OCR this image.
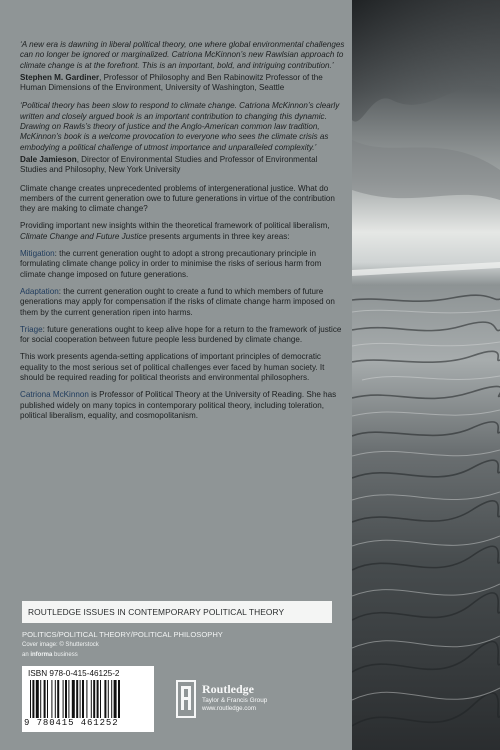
‘A new era is dawning in liberal political theory, one where global environmental challenges can no longer be ignored or marginalized. Catriona McKinnon’s new Rawlsian approach to climate change is at the forefront. This is an important, bold, and intriguing contribution.’

Stephen M. Gardiner, Professor of Philosophy and Ben Rabinowitz Professor of the Human Dimensions of the Environment, University of Washington, Seattle

‘Political theory has been slow to respond to climate change. Catriona McKinnon’s clearly written and closely argued book is an important contribution to changing this dynamic. Drawing on Rawls’s theory of justice and the Anglo-American common law tradition, McKinnon’s book is a welcome provocation to everyone who sees the climate crisis as embodying a political challenge of utmost importance and unparalleled complexity.’

Dale Jamieson, Director of Environmental Studies and Professor of Environmental Studies and Philosophy, New York University

Climate change creates unprecedented problems of intergenerational justice. What do members of the current generation owe to future generations in virtue of the contribution they are making to climate change?

Providing important new insights within the theoretical framework of political liberalism, Climate Change and Future Justice presents arguments in three key areas:

Mitigation: the current generation ought to adopt a strong precautionary principle in formulating climate change policy in order to minimise the risks of serious harm from climate change imposed on future generations.

Adaptation: the current generation ought to create a fund to which members of future generations may apply for compensation if the risks of climate change harm imposed on them by the current generation ripen into harms.

Triage: future generations ought to keep alive hope for a return to the framework of justice for social cooperation between future people less burdened by climate change.

This work presents agenda-setting applications of important principles of democratic equality to the most serious set of political challenges ever faced by human society. It should be required reading for political theorists and environmental philosophers.

Catriona McKinnon is Professor of Political Theory at the University of Reading. She has published widely on many topics in contemporary political theory, including toleration, political liberalism, equality, and cosmopolitanism.

ROUTLEDGE ISSUES IN CONTEMPORARY POLITICAL THEORY
POLITICS/POLITICAL THEORY/POLITICAL PHILOSOPHY
Cover image: © Shutterstock
an informa business
ISBN 978-0-415-46125-2
9 780415 461252
Routledge
Taylor & Francis Group
www.routledge.com
